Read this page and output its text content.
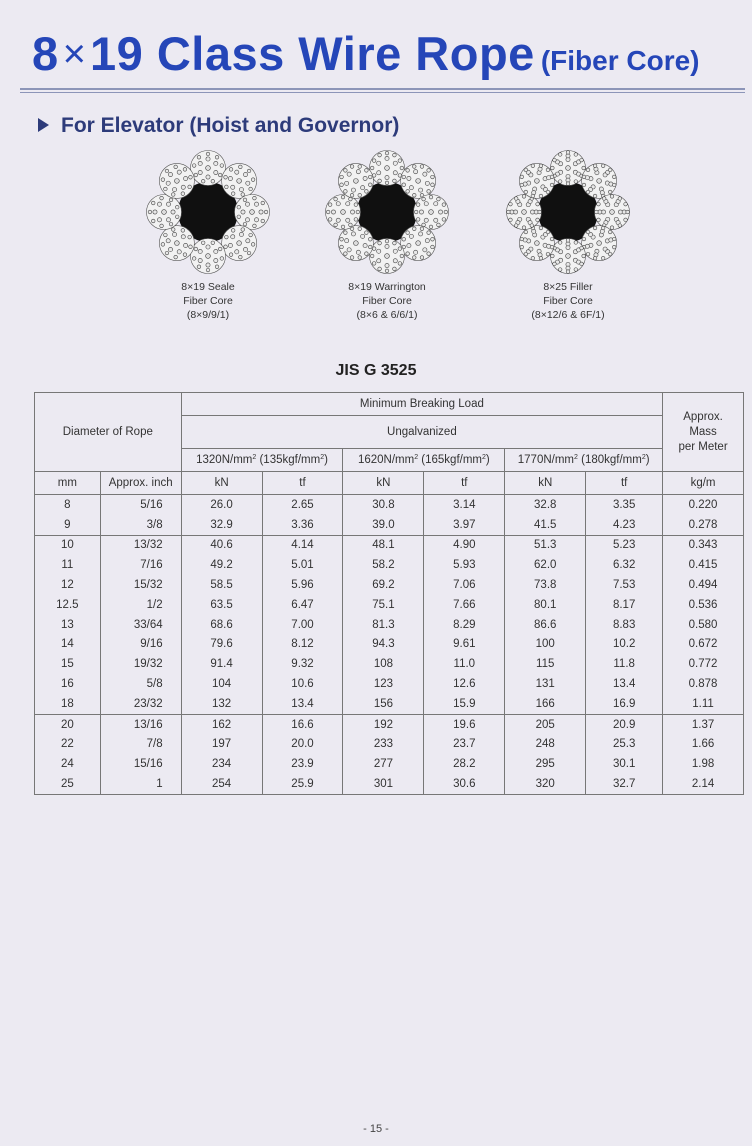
8 ×19 Class Wire Rope (Fiber Core)
For Elevator (Hoist and Governor)
8×19 Seale
Fiber Core
(8×9/9/1)
8×19 Warrington
Fiber Core
(8×6 & 6/6/1)
8×25 Filler
Fiber Core
(8×12/6 & 6F/1)
JIS G 3525
Diameter of Rope		Minimum Breaking Load						Approx.
Mass
per Meter

		Ungalvanized						
		$1320N/mm^2$ $(135kgf/mm^2)$		$1620N/mm^2$ $(165kgf/mm^2)$		$1770N/mm^2$ $(180kgf/mm^2)$		
mm	Approx. inch	kN	tf	kN	tf	kN	tf	kg/m
8	5/16	26.0	2.65	30.8	3.14	32.8	3.35	0.220
9	3/8	32.9	3.36	39.0	3.97	41.5	4.23	0.278
10	13/32	40.6	4.14	48.1	4.90	51.3	5.23	0.343
11	7/16	49.2	5.01	58.2	5.93	62.0	6.32	0.415
12	15/32	58.5	5.96	69.2	7.06	73.8	7.53	0.494
12.5	1/2	63.5	6.47	75.1	7.66	80.1	8.17	0.536
13	33/64	68.6	7.00	81.3	8.29	86.6	8.83	0.580
14	9/16	79.6	8.12	94.3	9.61	100	10.2	0.672
15	19/32	91.4	9.32	108	11.0	115	11.8	0.772
16	5/8	104	10.6	123	12.6	131	13.4	0.878
18	23/32	132	13.4	156	15.9	166	16.9	1.11
20	13/16	162	16.6	192	19.6	205	20.9	1.37
22	7/8	197	20.0	233	23.7	248	25.3	1.66
24	15/16	234	23.9	277	28.2	295	30.1	1.98
25	1	254	25.9	301	30.6	320	32.7	2.14
- 15 -
